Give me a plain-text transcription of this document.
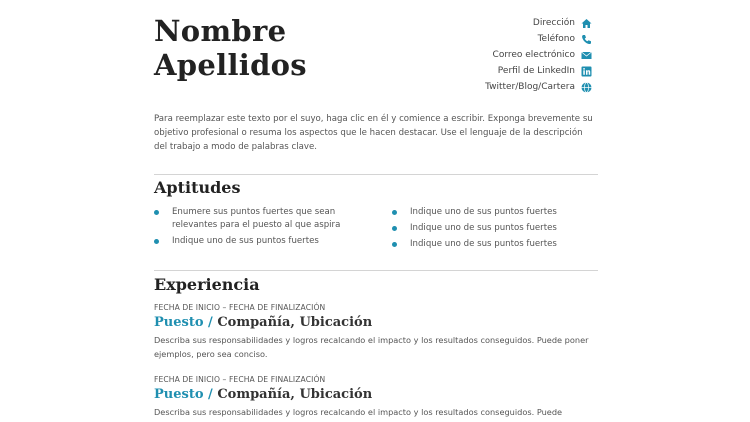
Nombre
Apellidos
Dirección
Teléfono
Correo electrónico
Perfil de LinkedIn
Twitter/Blog/Cartera
Para reemplazar este texto por el suyo, haga clic en él y comience a escribir. Exponga brevemente su objetivo profesional o resuma los aspectos que le hacen destacar. Use el lenguaje de la descripción del trabajo a modo de palabras clave.
Aptitudes
Enumere sus puntos fuertes que sean relevantes para el puesto al que aspira
Indique uno de sus puntos fuertes
Indique uno de sus puntos fuertes
Indique uno de sus puntos fuertes
Indique uno de sus puntos fuertes
Experiencia
FECHA DE INICIO – FECHA DE FINALIZACIÓN
Puesto / Compañía, Ubicación
Describa sus responsabilidades y logros recalcando el impacto y los resultados conseguidos. Puede poner ejemplos, pero sea conciso.
FECHA DE INICIO – FECHA DE FINALIZACIÓN
Puesto / Compañía, Ubicación
Describa sus responsabilidades y logros recalcando el impacto y los resultados conseguidos. Puede
